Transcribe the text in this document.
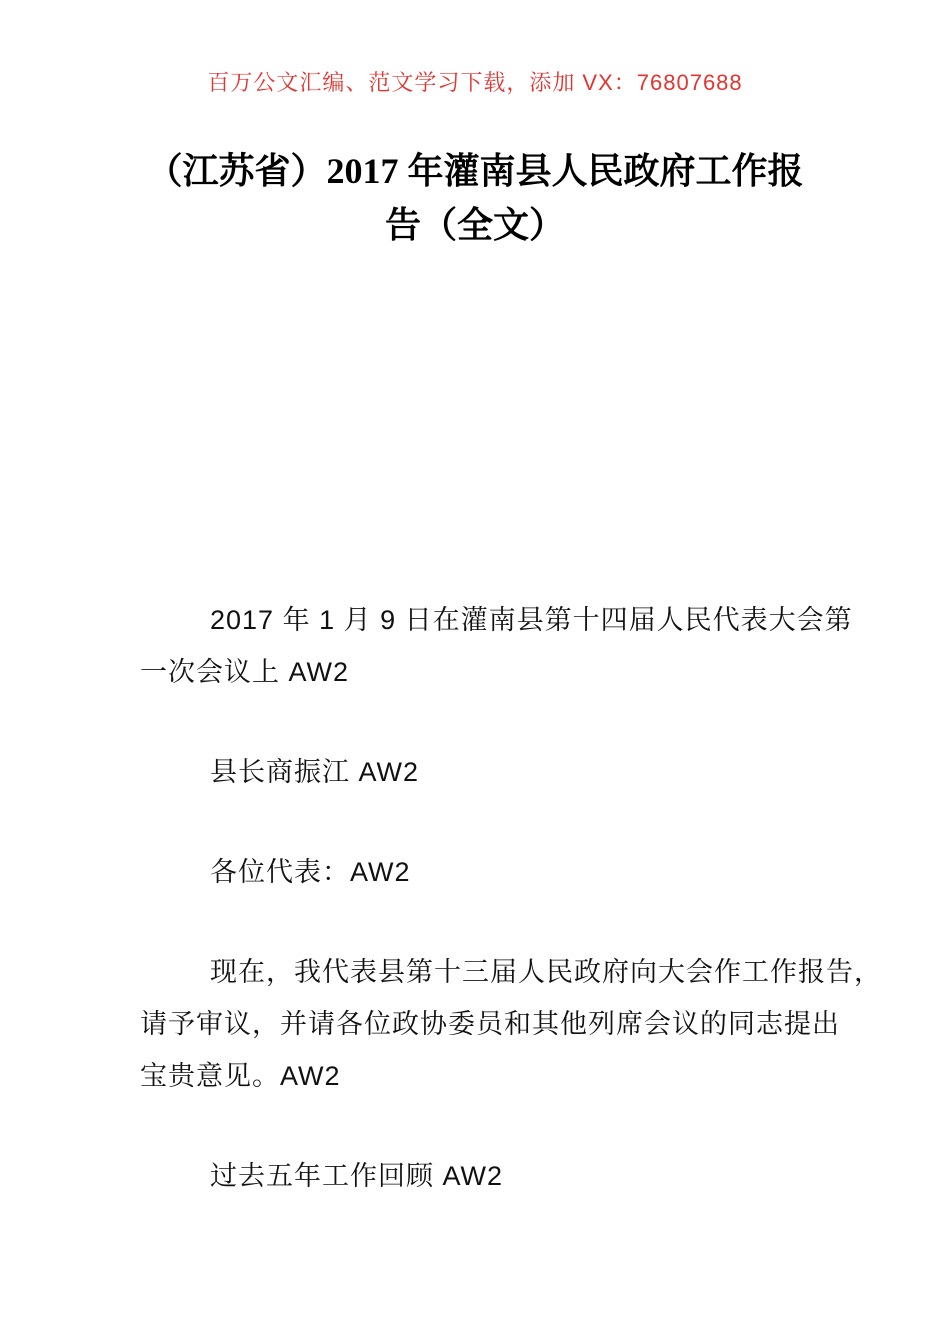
百万公文汇编、范文学习下载，添加 VX：76807688
（江苏省）2017 年灌南县人民政府工作报
告（全文）

2017 年 1 月 9 日在灌南县第十四届人民代表大会第
一次会议上 AW2

县长商振江 AW2

各位代表：AW2

现在，我代表县第十三届人民政府向大会作工作报告，
请予审议，并请各位政协委员和其他列席会议的同志提出
宝贵意见。AW2

过去五年工作回顾 AW2
